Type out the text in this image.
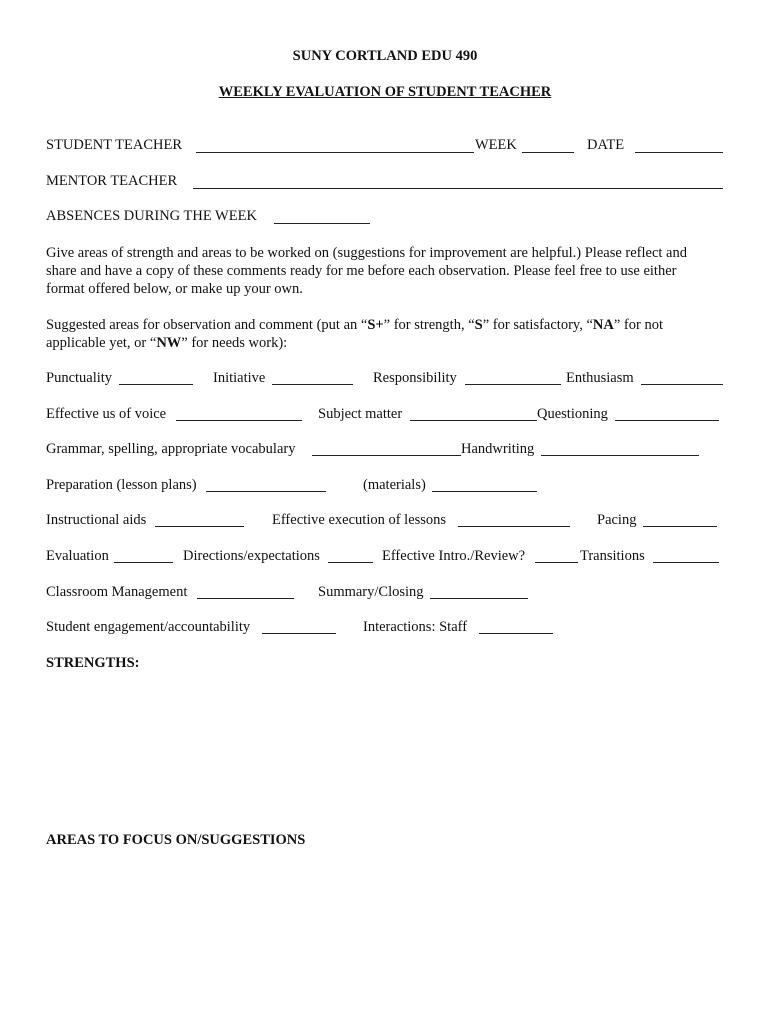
SUNY CORTLAND EDU 490
WEEKLY EVALUATION OF STUDENT TEACHER
STUDENT TEACHER	WEEK	DATE
MENTOR TEACHER
ABSENCES DURING THE WEEK
Give areas of strength and areas to be worked on (suggestions for improvement are helpful.) Please reflect and
share and have a copy of these comments ready for me before each observation. Please feel free to use either
format offered below, or make up your own.
Suggested areas for observation and comment (put an “S+” for strength, “S” for satisfactory, “NA” for not
applicable yet, or “NW” for needs work):
Punctuality	Initiative	Responsibility	Enthusiasm
Effective us of voice	Subject matter	Questioning
Grammar, spelling, appropriate vocabulary	Handwriting
Preparation (lesson plans)	(materials)
Instructional aids	Effective execution of lessons	Pacing
Evaluation	Directions/expectations	Effective Intro./Review?	Transitions
Classroom Management	Summary/Closing
Student engagement/accountability	Interactions: Staff
STRENGTHS:
AREAS TO FOCUS ON/SUGGESTIONS
